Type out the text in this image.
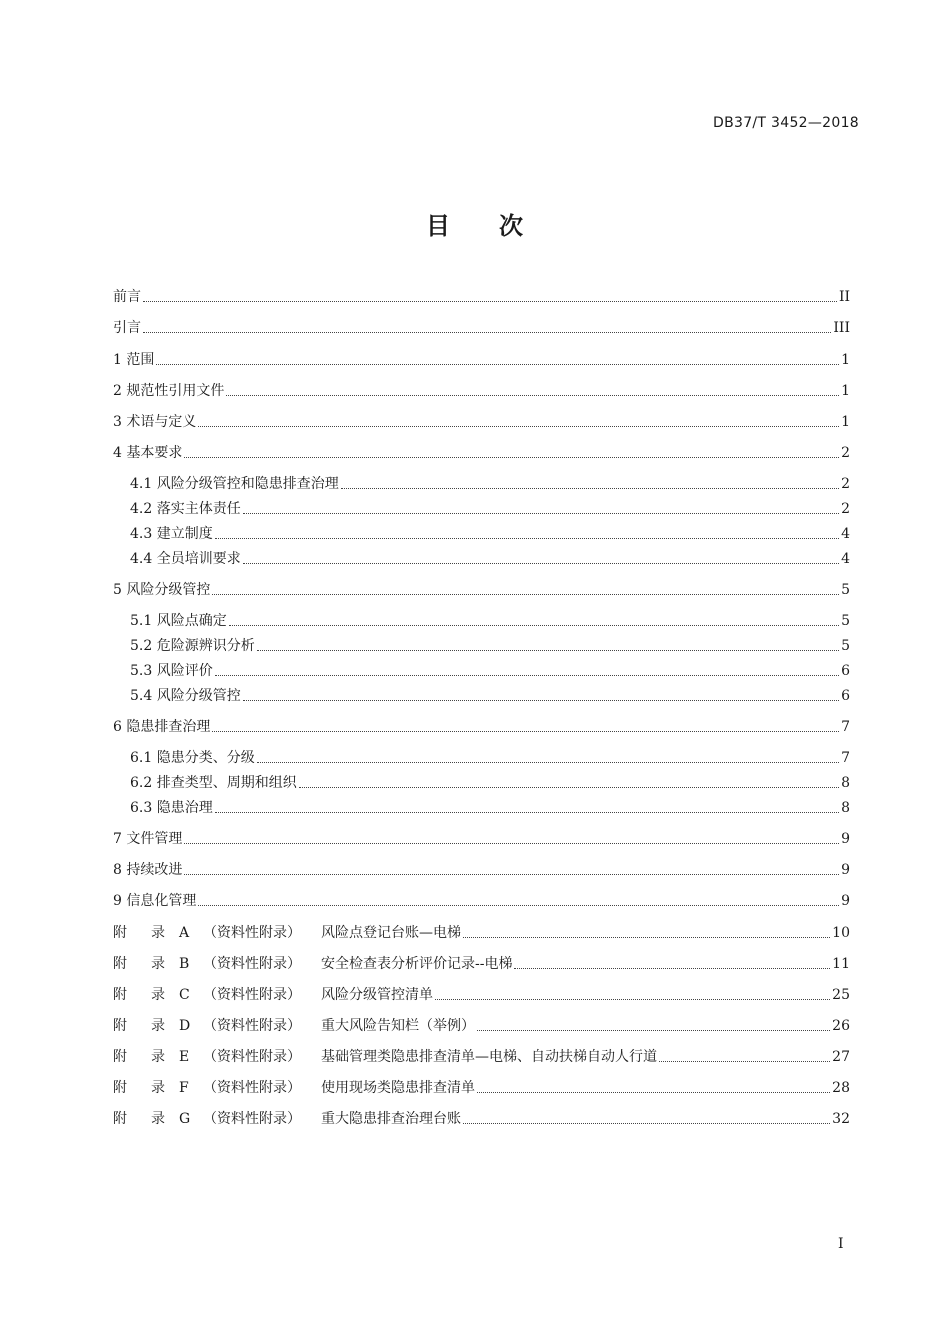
DB37/T 3452—2018
目 次
前言	II
引言	III
1 范围	1
2 规范性引用文件	1
3 术语与定义	1
4 基本要求	2
4.1 风险分级管控和隐患排查治理	2
4.2 落实主体责任	2
4.3 建立制度	4
4.4 全员培训要求	4
5 风险分级管控	5
5.1 风险点确定	5
5.2 危险源辨识分析	5
5.3 风险评价	6
5.4 风险分级管控	6
6 隐患排查治理	7
6.1 隐患分类、分级	7
6.2 排查类型、周期和组织	8
6.3 隐患治理	8
7 文件管理	9
8 持续改进	9
9 信息化管理	9
附	录	A （资料性附录）	风险点登记台账—电梯	10
附	录	B （资料性附录）	安全检查表分析评价记录--电梯	11
附	录	C （资料性附录）	风险分级管控清单	25
附	录	D （资料性附录）	重大风险告知栏（举例）	26
附	录	E （资料性附录）	基础管理类隐患排查清单—电梯、自动扶梯自动人行道	27
附	录	F	（资料性附录）	使用现场类隐患排查清单	28
附	录	G （资料性附录）	重大隐患排查治理台账	32
I
